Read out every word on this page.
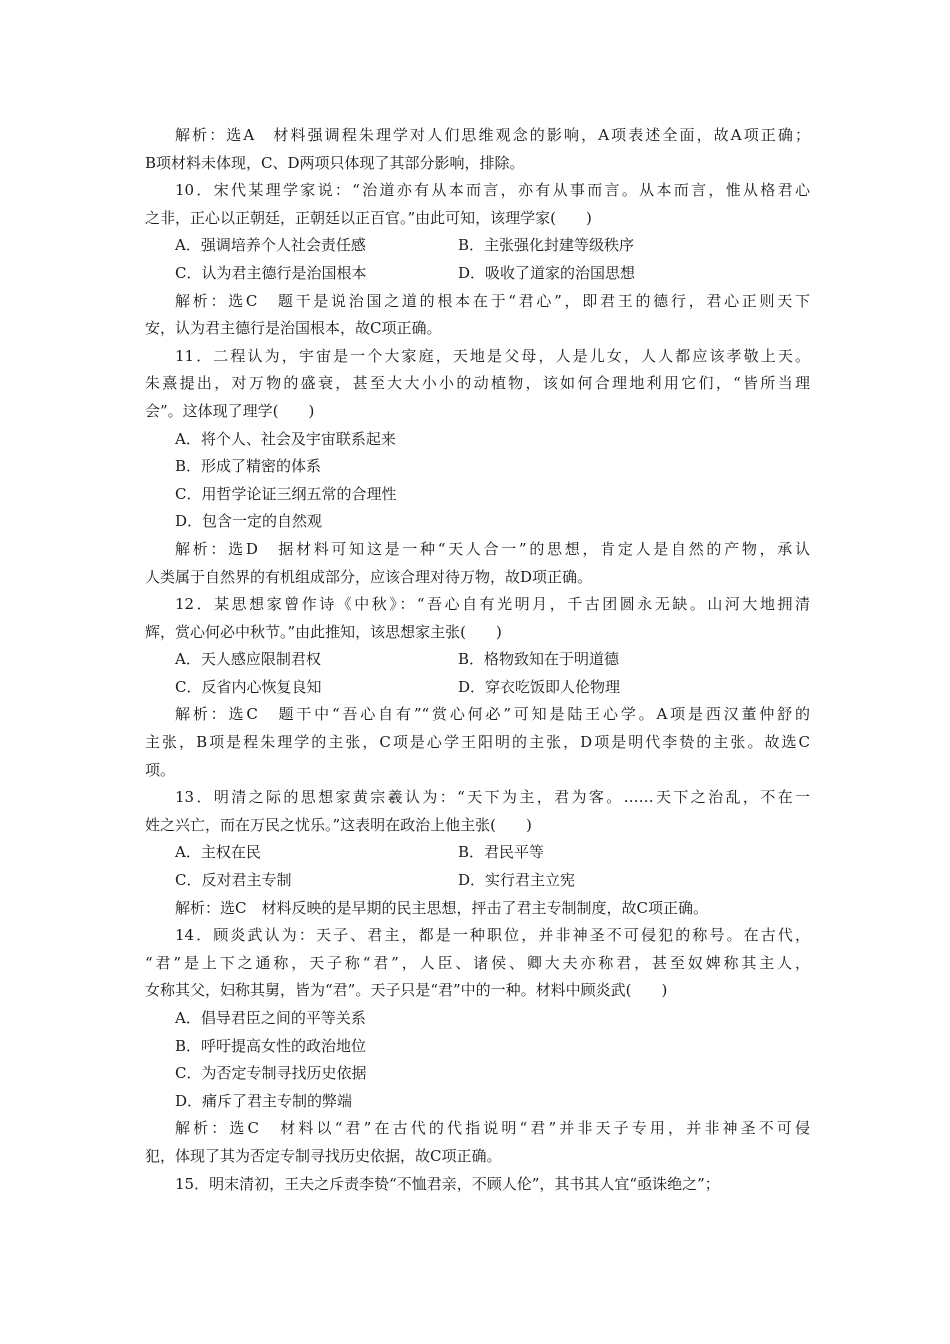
解析：选A　材料强调程朱理学对人们思维观念的影响，A项表述全面，故A项正确；
B项材料未体现，C、D两项只体现了其部分影响，排除。
10．宋代某理学家说：“治道亦有从本而言，亦有从事而言。从本而言，惟从格君心
之非，正心以正朝廷，正朝廷以正百官。”由此可知，该理学家(　　)
A．强调培养个人社会责任感	B．主张强化封建等级秩序
C．认为君主德行是治国根本	D．吸收了道家的治国思想
解析：选C　题干是说治国之道的根本在于“君心”，即君王的德行，君心正则天下
安，认为君主德行是治国根本，故C项正确。
11．二程认为，宇宙是一个大家庭，天地是父母，人是儿女，人人都应该孝敬上天。
朱熹提出，对万物的盛衰，甚至大大小小的动植物，该如何合理地利用它们，“皆所当理
会”。这体现了理学(　　)
A．将个人、社会及宇宙联系起来
B．形成了精密的体系
C．用哲学论证三纲五常的合理性
D．包含一定的自然观
解析：选D　据材料可知这是一种“天人合一”的思想，肯定人是自然的产物，承认
人类属于自然界的有机组成部分，应该合理对待万物，故D项正确。
12．某思想家曾作诗《中秋》：“吾心自有光明月，千古团圆永无缺。山河大地拥清
辉，赏心何必中秋节。”由此推知，该思想家主张(　　)
A．天人感应限制君权	B．格物致知在于明道德
C．反省内心恢复良知	D．穿衣吃饭即人伦物理
解析：选C　题干中“吾心自有”“赏心何必”可知是陆王心学。A项是西汉董仲舒的
主张，B项是程朱理学的主张，C项是心学王阳明的主张，D项是明代李贽的主张。故选C
项。
13．明清之际的思想家黄宗羲认为：“天下为主，君为客。……天下之治乱，不在一
姓之兴亡，而在万民之忧乐。”这表明在政治上他主张(　　)
A．主权在民	B．君民平等
C．反对君主专制	D．实行君主立宪
解析：选C　材料反映的是早期的民主思想，抨击了君主专制制度，故C项正确。
14．顾炎武认为：天子、君主，都是一种职位，并非神圣不可侵犯的称号。在古代，
“君”是上下之通称，天子称“君”，人臣、诸侯、卿大夫亦称君，甚至奴婢称其主人，
女称其父，妇称其舅，皆为“君”。天子只是“君”中的一种。材料中顾炎武(　　)
A．倡导君臣之间的平等关系
B．呼吁提高女性的政治地位
C．为否定专制寻找历史依据
D．痛斥了君主专制的弊端
解析：选C　材料以“君”在古代的代指说明“君”并非天子专用，并非神圣不可侵
犯，体现了其为否定专制寻找历史依据，故C项正确。
15．明末清初，王夫之斥责李贽“不恤君亲，不顾人伦”，其书其人宜“亟诛绝之”；
